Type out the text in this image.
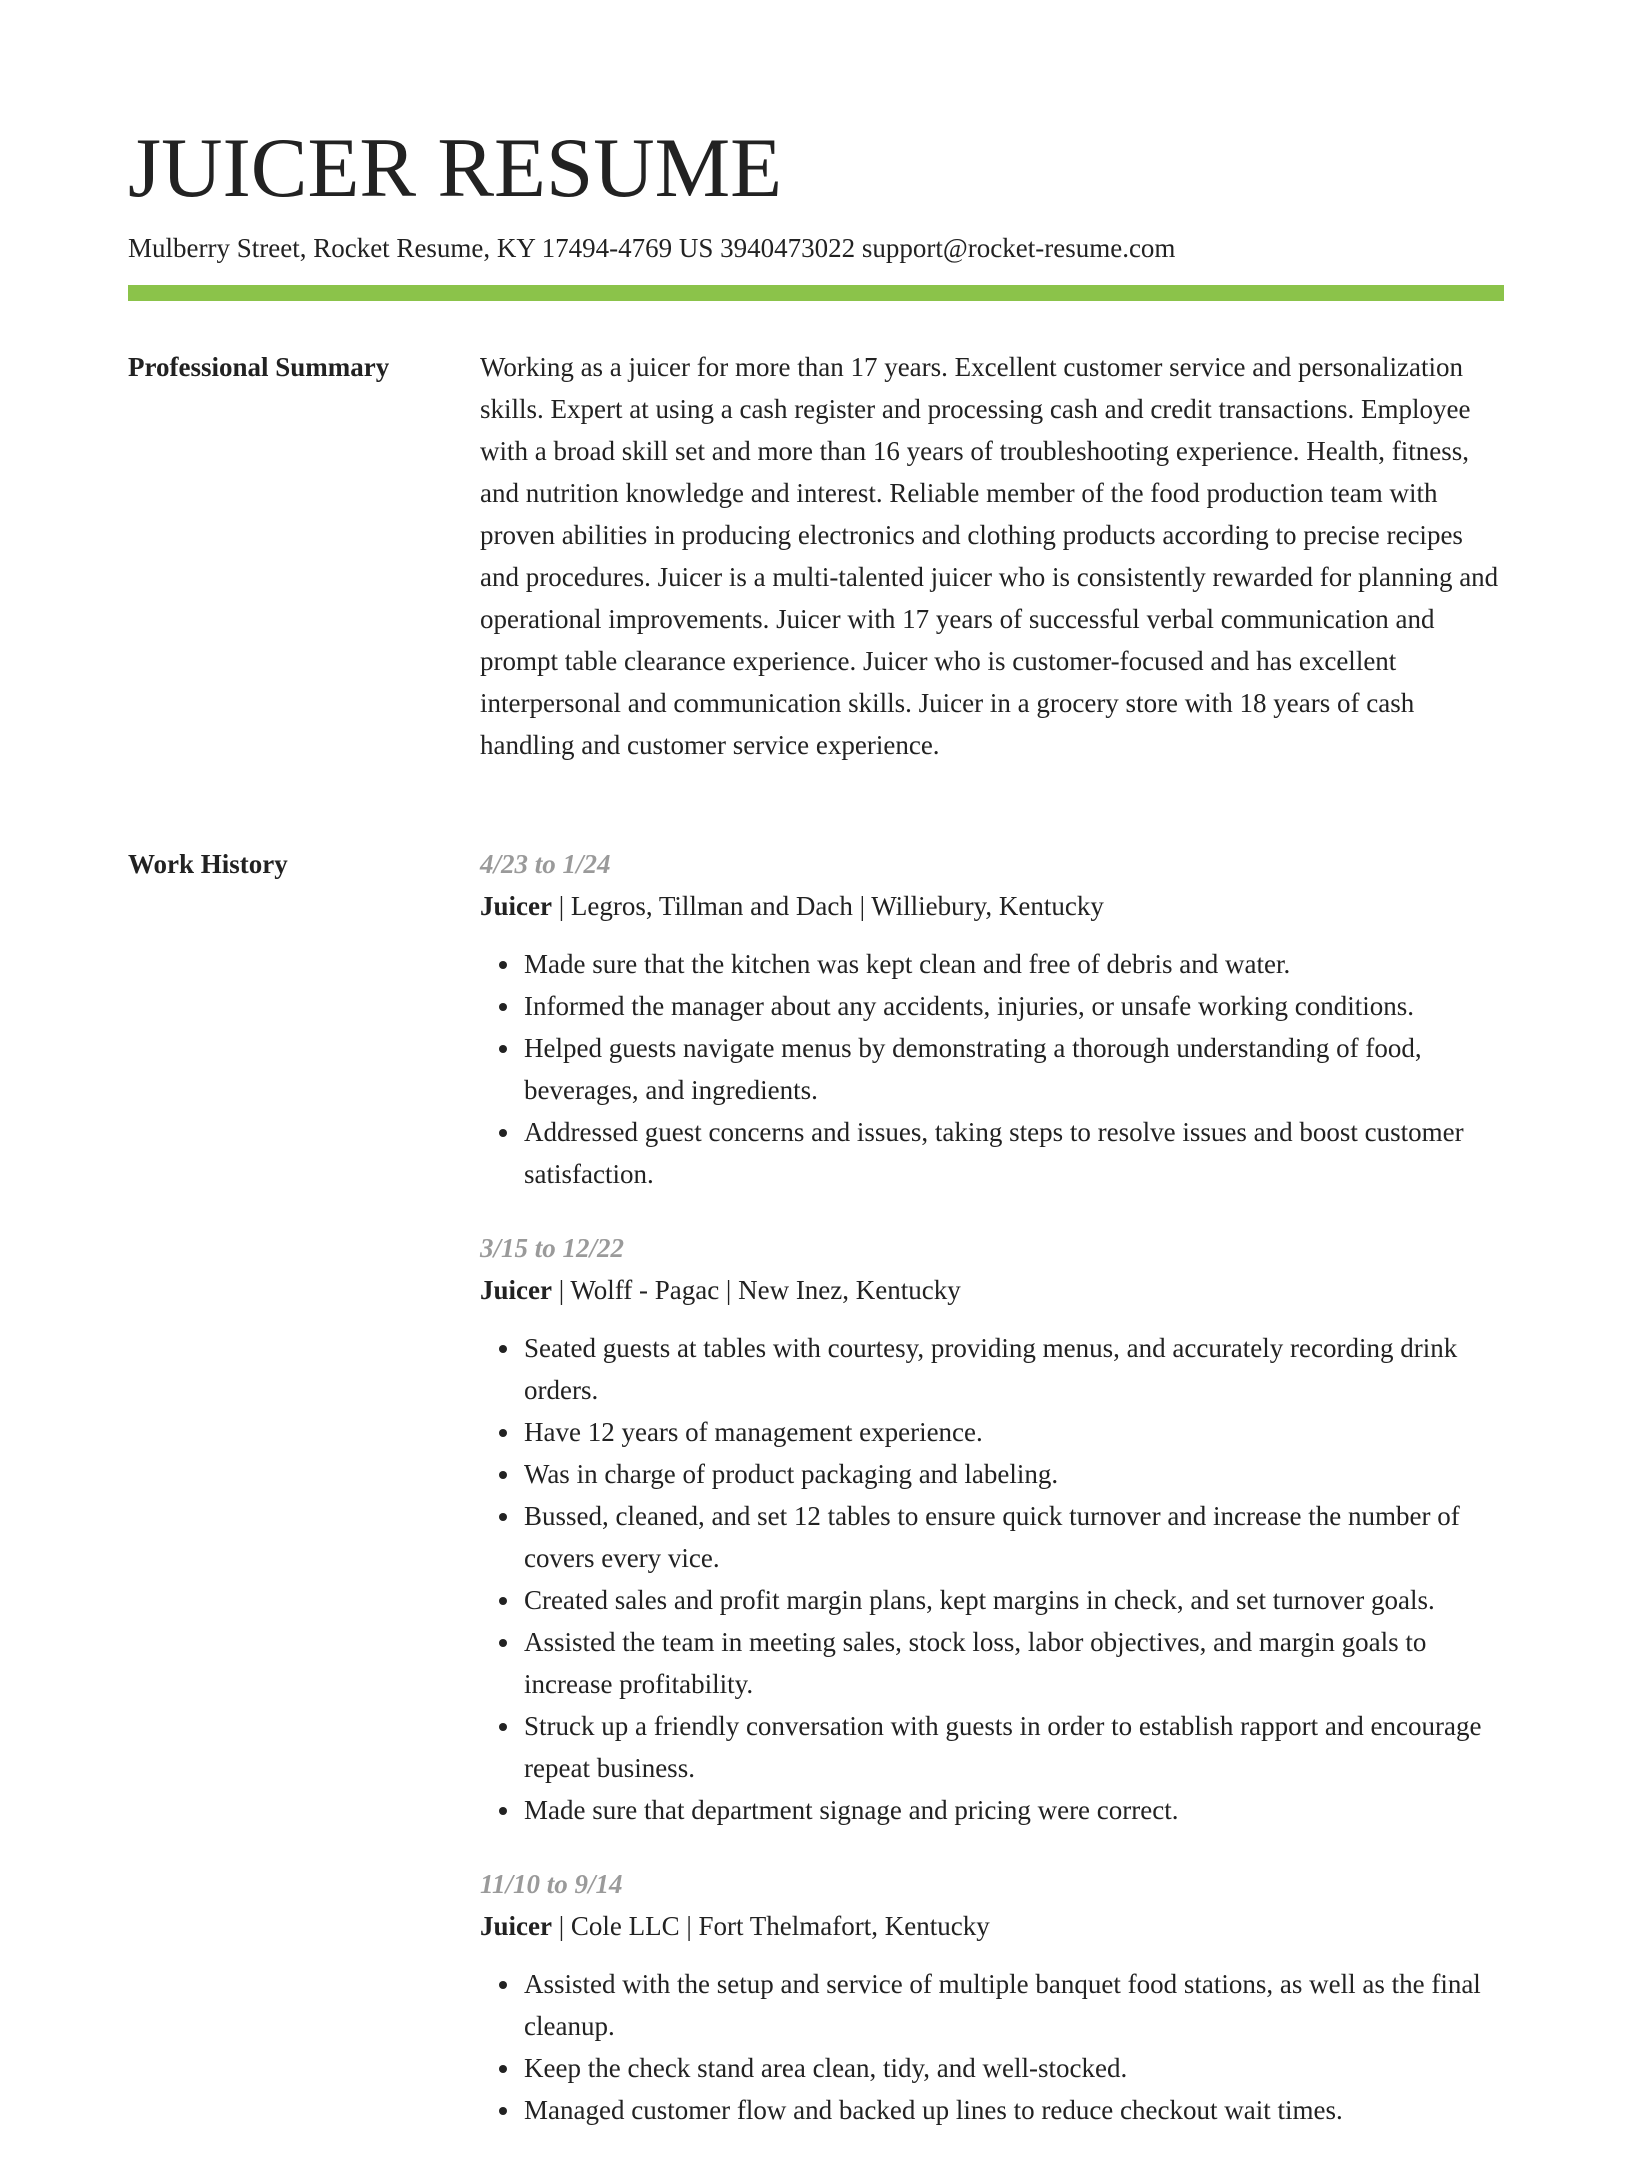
JUICER RESUME
Mulberry Street, Rocket Resume, KY 17494-4769 US 3940473022 support@rocket-resume.com
Professional Summary	Working as a juicer for more than 17 years. Excellent customer service and personalization skills. Expert at using a cash register and processing cash and credit transactions. Employee with a broad skill set and more than 16 years of troubleshooting experience. Health, fitness, and nutrition knowledge and interest. Reliable member of the food production team with proven abilities in producing electronics and clothing products according to precise recipes and procedures. Juicer is a multi-talented juicer who is consistently rewarded for planning and operational improvements. Juicer with 17 years of successful verbal communication and prompt table clearance experience. Juicer who is customer-focused and has excellent interpersonal and communication skills. Juicer in a grocery store with 18 years of cash handling and customer service experience.

Work History	4/23 to 1/24
Juicer | Legros, Tillman and Dach | Williebury, Kentucky
Made sure that the kitchen was kept clean and free of debris and water.
Informed the manager about any accidents, injuries, or unsafe working conditions.
Helped guests navigate menus by demonstrating a thorough understanding of food, beverages, and ingredients.
Addressed guest concerns and issues, taking steps to resolve issues and boost customer satisfaction.
3/15 to 12/22
Juicer | Wolff - Pagac | New Inez, Kentucky
Seated guests at tables with courtesy, providing menus, and accurately recording drink orders.
Have 12 years of management experience.
Was in charge of product packaging and labeling.
Bussed, cleaned, and set 12 tables to ensure quick turnover and increase the number of covers every vice.
Created sales and profit margin plans, kept margins in check, and set turnover goals.
Assisted the team in meeting sales, stock loss, labor objectives, and margin goals to increase profitability.
Struck up a friendly conversation with guests in order to establish rapport and encourage repeat business.
Made sure that department signage and pricing were correct.
11/10 to 9/14
Juicer | Cole LLC | Fort Thelmafort, Kentucky
Assisted with the setup and service of multiple banquet food stations, as well as the final cleanup.
Keep the check stand area clean, tidy, and well-stocked.
Managed customer flow and backed up lines to reduce checkout wait times.
